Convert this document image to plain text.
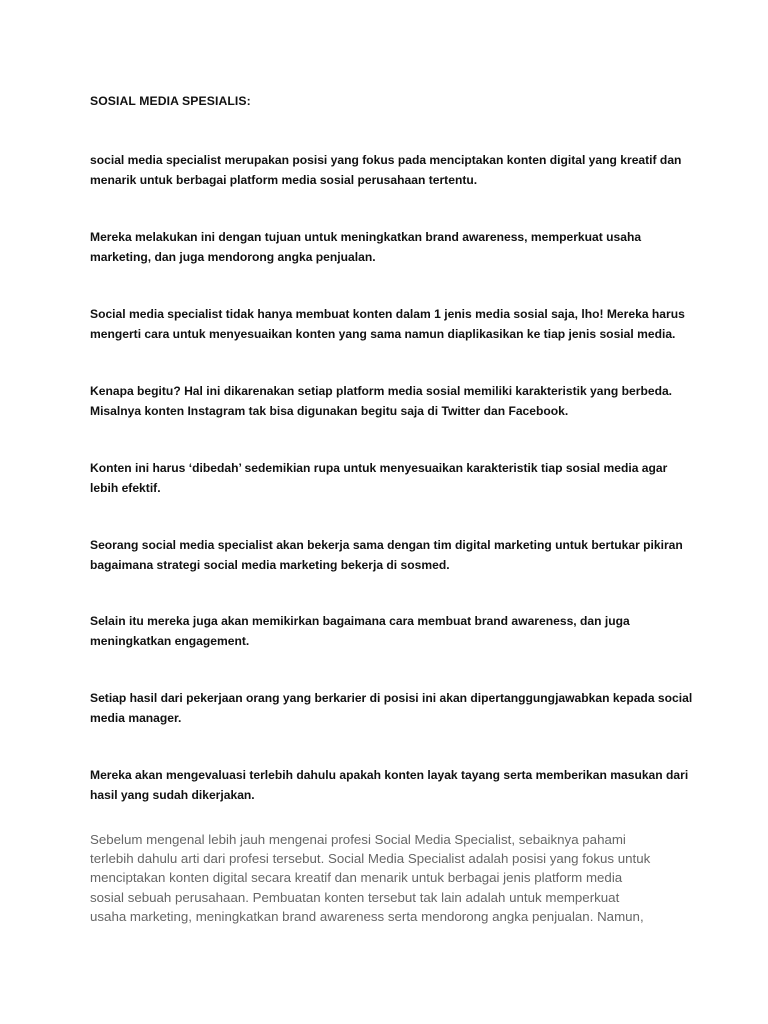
SOSIAL MEDIA SPESIALIS:

social media specialist merupakan posisi yang fokus pada menciptakan konten digital yang kreatif dan
menarik untuk berbagai platform media sosial perusahaan tertentu.

Mereka melakukan ini dengan tujuan untuk meningkatkan brand awareness, memperkuat usaha
marketing, dan juga mendorong angka penjualan.

Social media specialist tidak hanya membuat konten dalam 1 jenis media sosial saja, lho! Mereka harus
mengerti cara untuk menyesuaikan konten yang sama namun diaplikasikan ke tiap jenis sosial media.

Kenapa begitu? Hal ini dikarenakan setiap platform media sosial memiliki karakteristik yang berbeda.
Misalnya konten Instagram tak bisa digunakan begitu saja di Twitter dan Facebook.

Konten ini harus ‘dibedah’ sedemikian rupa untuk menyesuaikan karakteristik tiap sosial media agar
lebih efektif.

Seorang social media specialist akan bekerja sama dengan tim digital marketing untuk bertukar pikiran
bagaimana strategi social media marketing bekerja di sosmed.

Selain itu mereka juga akan memikirkan bagaimana cara membuat brand awareness, dan juga
meningkatkan engagement.

Setiap hasil dari pekerjaan orang yang berkarier di posisi ini akan dipertanggungjawabkan kepada social
media manager.

Mereka akan mengevaluasi terlebih dahulu apakah konten layak tayang serta memberikan masukan dari
hasil yang sudah dikerjakan.

Sebelum mengenal lebih jauh mengenai profesi Social Media Specialist, sebaiknya pahami
terlebih dahulu arti dari profesi tersebut. Social Media Specialist adalah posisi yang fokus untuk
menciptakan konten digital secara kreatif dan menarik untuk berbagai jenis platform media
sosial sebuah perusahaan. Pembuatan konten tersebut tak lain adalah untuk memperkuat
usaha marketing, meningkatkan brand awareness serta mendorong angka penjualan. Namun,
